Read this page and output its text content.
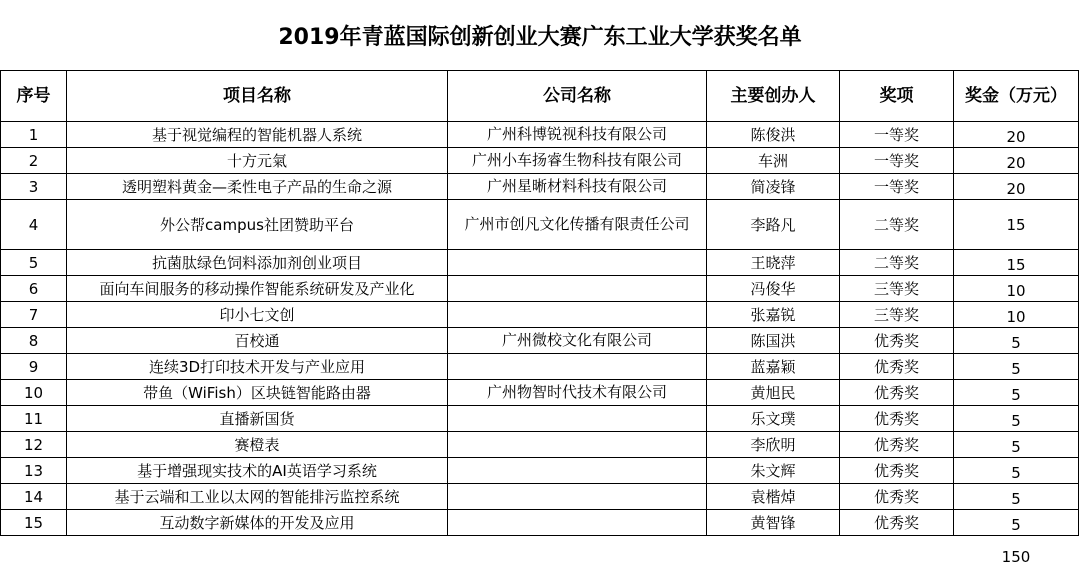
2019年青蓝国际创新创业大赛广东工业大学获奖名单
序号	项目名称	公司名称	主要创办人	奖项	奖金（万元）
1	基于视觉编程的智能机器人系统	广州科博锐视科技有限公司	陈俊洪	一等奖	20
2	十方元氣	广州小车扬睿生物科技有限公司	车洲	一等奖	20
3	透明塑料黄金—柔性电子产品的生命之源	广州星晰材料科技有限公司	简凌锋	一等奖	20
4	外公帮campus社团赞助平台	广州市创凡文化传播有限责任公司	李路凡	二等奖	15
5	抗菌肽绿色饲料添加剂创业项目		王晓萍	二等奖	15
6	面向车间服务的移动操作智能系统研发及产业化		冯俊华	三等奖	10
7	印小七文创		张嘉锐	三等奖	10
8	百校通	广州微校文化有限公司	陈国洪	优秀奖	5
9	连续3D打印技术开发与产业应用		蓝嘉颖	优秀奖	5
10	带鱼（WiFish）区块链智能路由器	广州物智时代技术有限公司	黄旭民	优秀奖	5
11	直播新国货		乐文璞	优秀奖	5
12	赛橙表		李欣明	优秀奖	5
13	基于增强现实技术的AI英语学习系统		朱文辉	优秀奖	5
14	基于云端和工业以太网的智能排污监控系统		袁楷焯	优秀奖	5
15	互动数字新媒体的开发及应用		黄智锋	优秀奖	5
					150
